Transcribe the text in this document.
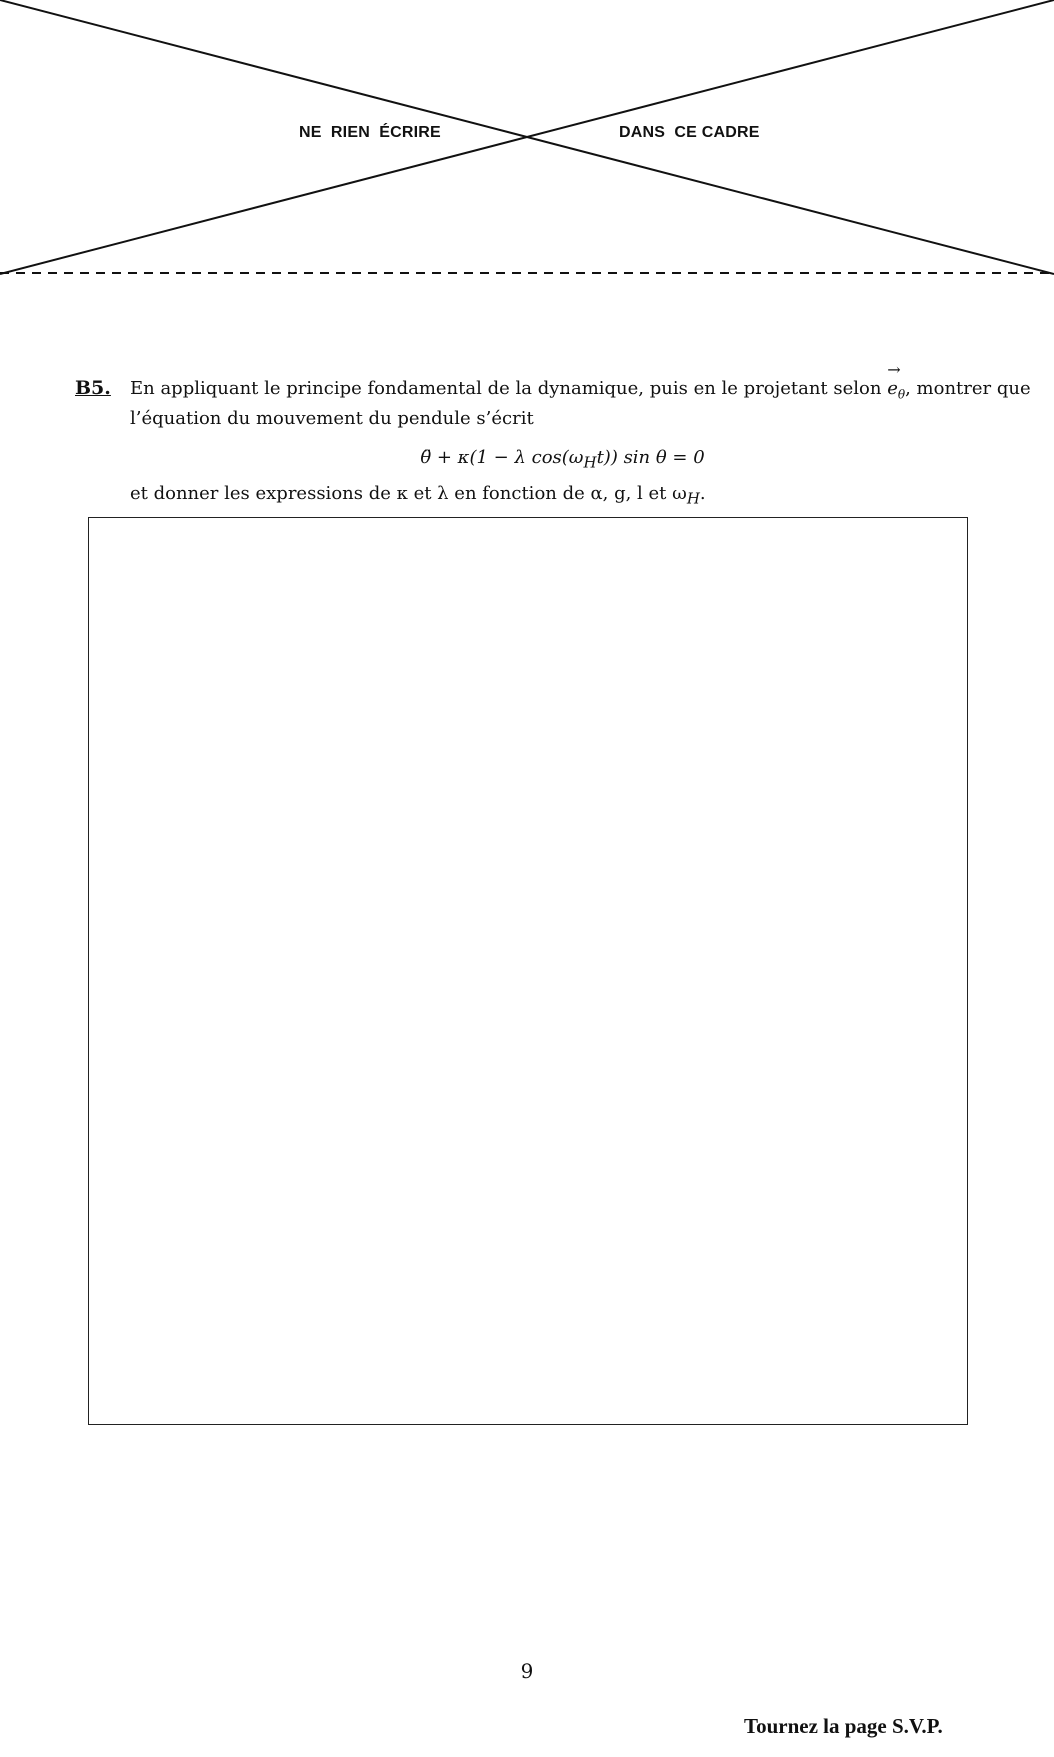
NE  RIEN  ÉCRIRE	DANS  CE CADRE
B5. En appliquant le principe fondamental de la dynamique, puis en le projetant selon
→
$e_\theta$, montrer que l’équation du mouvement du pendule s’écrit
θ̈ + κ(1 − λ $\cos(\omega_Ht)$) sin θ = 0
et donner les expressions de κ et λ en fonction de α, g, l et $\omega_H$.
9
Tournez la page S.V.P.
